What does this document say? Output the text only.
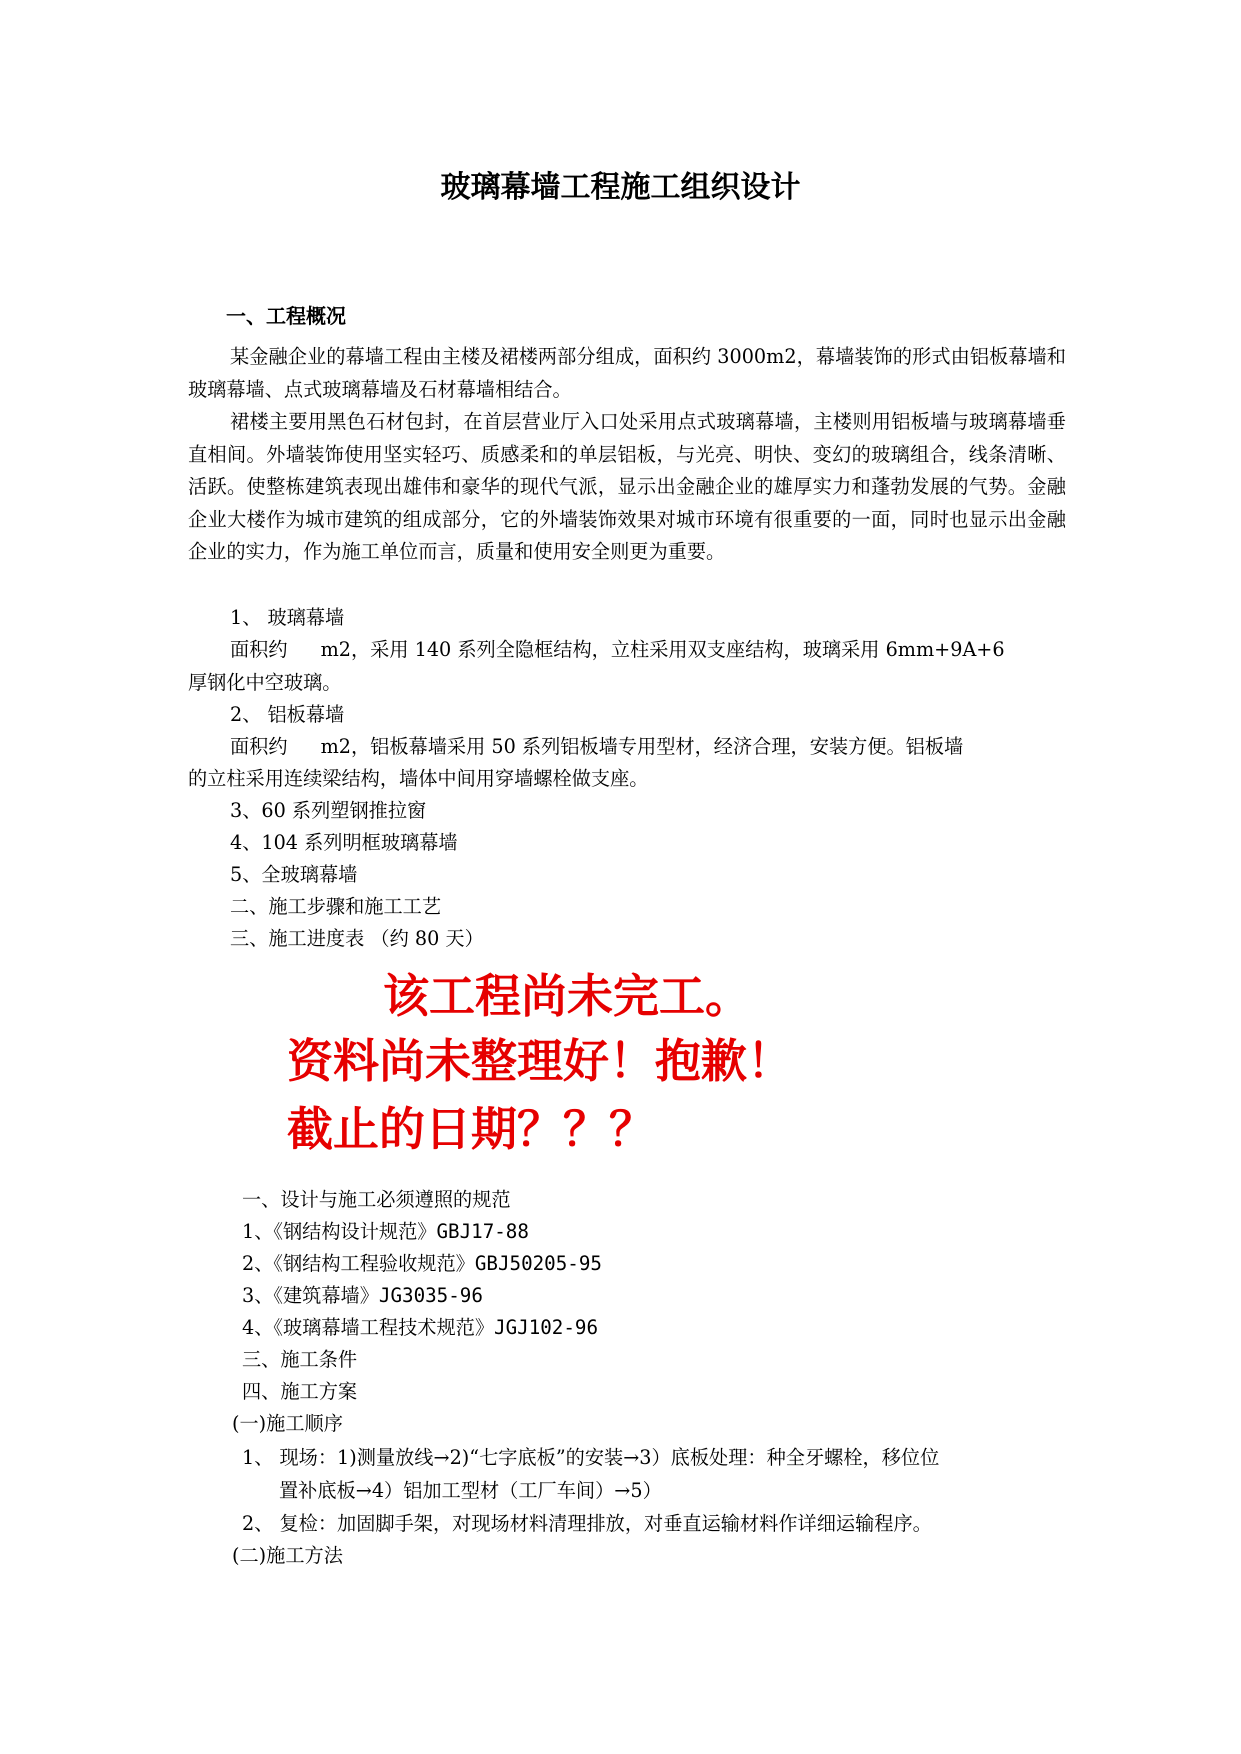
玻璃幕墙工程施工组织设计
一、工程概况

某金融企业的幕墙工程由主楼及裙楼两部分组成，面积约 3000m2，幕墙装饰的形式由铝板幕墙和玻璃幕墙、点式玻璃幕墙及石材幕墙相结合。

裙楼主要用黑色石材包封，在首层营业厅入口处采用点式玻璃幕墙，主楼则用铝板墙与玻璃幕墙垂直相间。外墙装饰使用坚实轻巧、质感柔和的单层铝板，与光亮、明快、变幻的玻璃组合，线条清晰、活跃。使整栋建筑表现出雄伟和豪华的现代气派，显示出金融企业的雄厚实力和蓬勃发展的气势。金融企业大楼作为城市建筑的组成部分，它的外墙装饰效果对城市环境有很重要的一面，同时也显示出金融企业的实力，作为施工单位而言，质量和使用安全则更为重要。

1、 玻璃幕墙
面积约 m2，采用 140 系列全隐框结构，立柱采用双支座结构，玻璃采用 6mm+9A+6
厚钢化中空玻璃。
2、 铝板幕墙
面积约 m2，铝板幕墙采用 50 系列铝板墙专用型材，经济合理，安装方便。铝板墙
的立柱采用连续梁结构，墙体中间用穿墙螺栓做支座。
3、60 系列塑钢推拉窗
4、104 系列明框玻璃幕墙
5、全玻璃幕墙
二、施工步骤和施工工艺
三、施工进度表 （约 80 天）
该工程尚未完工。
资料尚未整理好！抱歉！
截止的日期？？？
一、设计与施工必须遵照的规范
1、《钢结构设计规范》GBJ17-88
2、《钢结构工程验收规范》GBJ50205-95
3、《建筑幕墙》JG3035-96
4、《玻璃幕墙工程技术规范》JGJ102-96
三、施工条件
四、施工方案
(一)施工顺序
1、 现场：1)测量放线→2)“七字底板”的安装→3）底板处理：种全牙螺栓，移位位
置补底板→4）铝加工型材（工厂车间）→5）
2、 复检：加固脚手架，对现场材料清理排放，对垂直运输材料作详细运输程序。
(二)施工方法
